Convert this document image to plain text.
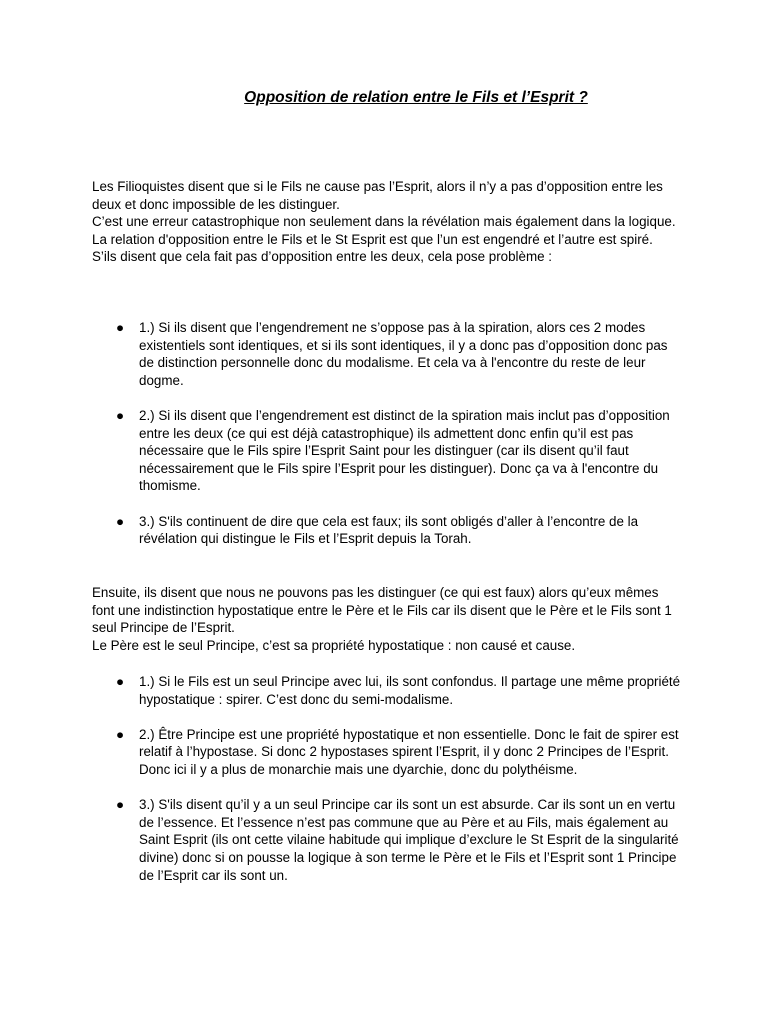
Opposition de relation entre le Fils et l’Esprit ?

Les Filioquistes disent que si le Fils ne cause pas l’Esprit, alors il n’y a pas d’opposition entre les deux et donc impossible de les distinguer.

C’est une erreur catastrophique non seulement dans la révélation mais également dans la logique.

La relation d'opposition entre le Fils et le St Esprit est que l’un est engendré et l’autre est spiré.

S’ils disent que cela fait pas d’opposition entre les deux, cela pose problème :

● 1.) Si ils disent que l’engendrement ne s’oppose pas à la spiration, alors ces 2 modes existentiels sont identiques, et si ils sont identiques, il y a donc pas d’opposition donc pas de distinction personnelle donc du modalisme. Et cela va à l'encontre du reste de leur dogme.
● 2.) Si ils disent que l’engendrement est distinct de la spiration mais inclut pas d’opposition entre les deux (ce qui est déjà catastrophique) ils admettent donc enfin qu’il est pas nécessaire que le Fils spire l’Esprit Saint pour les distinguer (car ils disent qu’il faut nécessairement que le Fils spire l’Esprit pour les distinguer). Donc ça va à l'encontre du thomisme.
● 3.) S'ils continuent de dire que cela est faux; ils sont obligés d’aller à l’encontre de la révélation qui distingue le Fils et l’Esprit depuis la Torah.

Ensuite, ils disent que nous ne pouvons pas les distinguer (ce qui est faux) alors qu’eux mêmes font une indistinction hypostatique entre le Père et le Fils car ils disent que le Père et le Fils sont 1 seul Principe de l’Esprit.

Le Père est le seul Principe, c’est sa propriété hypostatique : non causé et cause.

● 1.) Si le Fils est un seul Principe avec lui, ils sont confondus. Il partage une même propriété hypostatique : spirer. C’est donc du semi-modalisme.
● 2.) Être Principe est une propriété hypostatique et non essentielle. Donc le fait de spirer est relatif à l’hypostase. Si donc 2 hypostases spirent l’Esprit, il y donc 2 Principes de l’Esprit.
Donc ici il y a plus de monarchie mais une dyarchie, donc du polythéisme.
● 3.) S'ils disent qu’il y a un seul Principe car ils sont un est absurde. Car ils sont un en vertu de l’essence. Et l’essence n’est pas commune que au Père et au Fils, mais également au Saint Esprit (ils ont cette vilaine habitude qui implique d’exclure le St Esprit de la singularité divine) donc si on pousse la logique à son terme le Père et le Fils et l’Esprit sont 1 Principe de l’Esprit car ils sont un.
